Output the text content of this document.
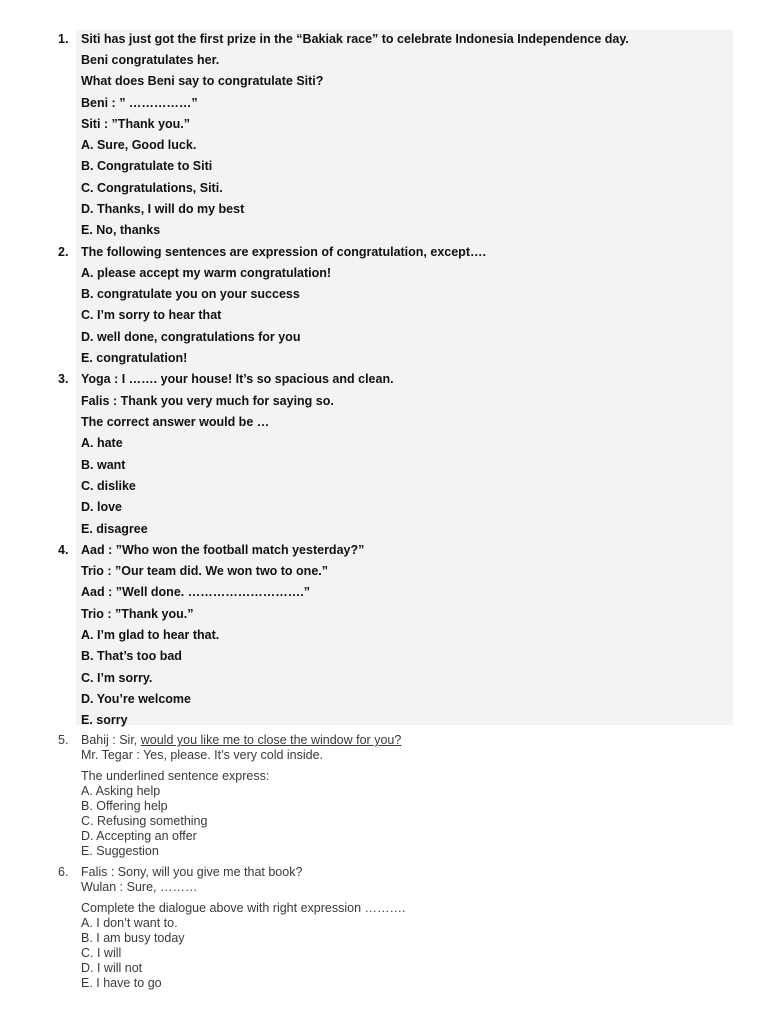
1. Siti has just got the first prize in the “Bakiak race” to celebrate Indonesia Independence day.
Beni congratulates her.
What does Beni say to congratulate Siti?
Beni : ” ……………”
Siti : ”Thank you.”
A. Sure, Good luck.
B. Congratulate to Siti
C. Congratulations, Siti.
D. Thanks, I will do my best
E. No, thanks
2. The following sentences are expression of congratulation, except….
A. please accept my warm congratulation!
B. congratulate you on your success
C. I’m sorry to hear that
D. well done, congratulations for you
E. congratulation!
3. Yoga : I ……. your house! It’s so spacious and clean.
Falis : Thank you very much for saying so.
The correct answer would be …
A. hate
B. want
C. dislike
D. love
E. disagree
4. Aad : ”Who won the football match yesterday?”
Trio : ”Our team did. We won two to one.”
Aad : ”Well done. ……………………….”
Trio : ”Thank you.”
A. I’m glad to hear that.
B. That’s too bad
C. I’m sorry.
D. You’re welcome
E. sorry
5. Bahij : Sir, would you like me to close the window for you?
Mr. Tegar : Yes, please. It’s very cold inside.
The underlined sentence express:
A. Asking help
B. Offering help
C. Refusing something
D. Accepting an offer
E. Suggestion
6. Falis : Sony, will you give me that book?
Wulan : Sure, ………
Complete the dialogue above with right expression ……….
A. I don’t want to.
B. I am busy today
C. I will
D. I will not
E. I have to go
